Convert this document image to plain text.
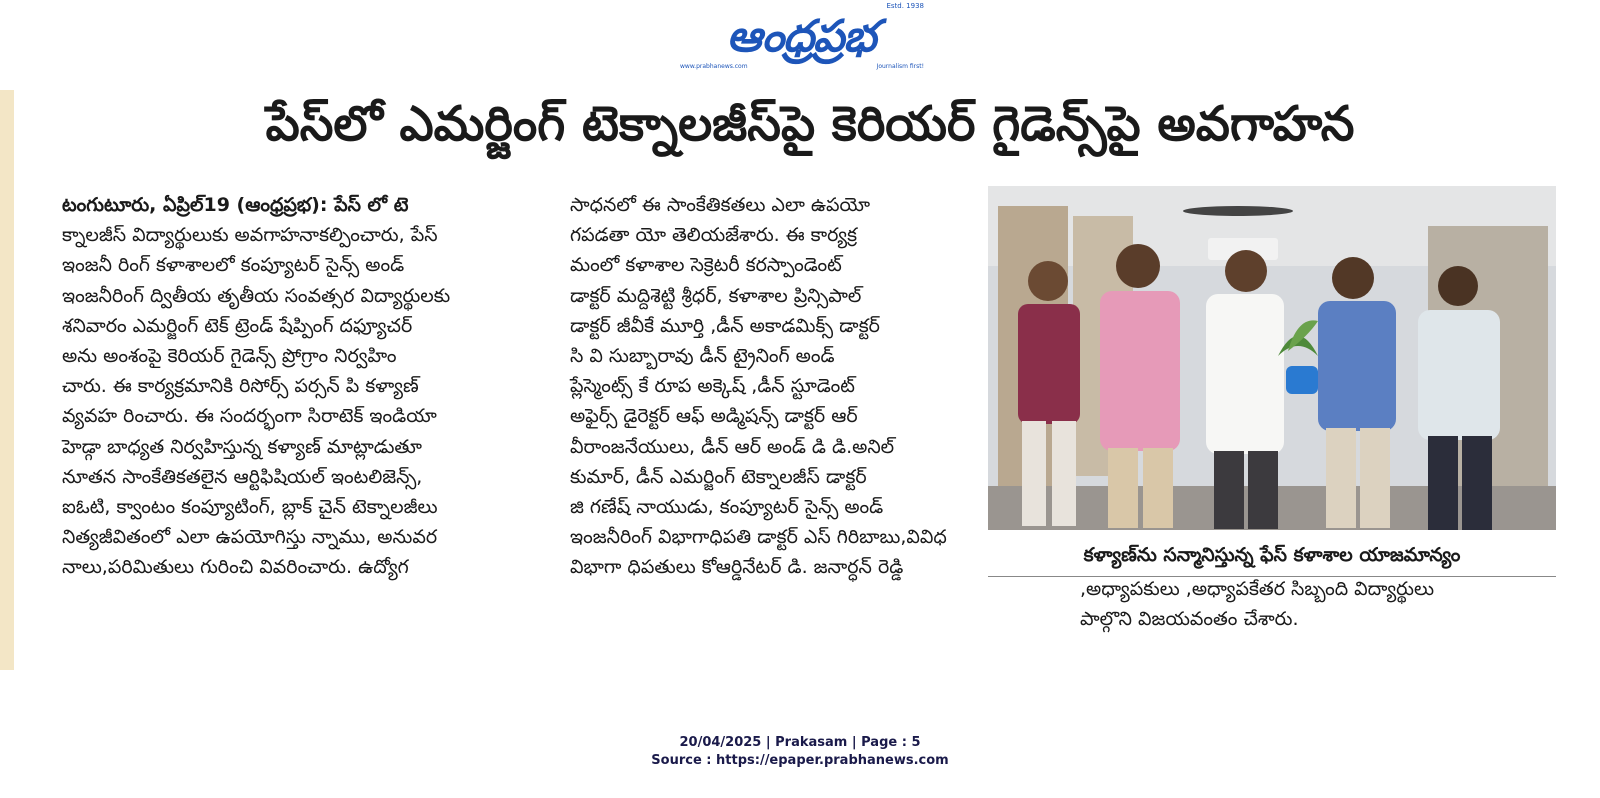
Estd. 1938
ఆంధ్రప్రభ
www.prabhanews.com	Journalism first!
పేస్‌లో ఎమర్జింగ్ టెక్నాలజీస్‌పై కెరియర్ గైడెన్స్‌పై అవగాహన

టంగుటూరు, ఏప్రిల్19 (ఆంధ్రప్రభ): పేస్ లో టె

క్నాలజీస్ విద్యార్థులుకు అవగాహనాకల్పించారు, పేస్

ఇంజనీ రింగ్ కళాశాలలో కంప్యూటర్ సైన్స్ అండ్

ఇంజనీరింగ్ ద్వితీయ తృతీయ సంవత్సర విద్యార్థులకు

శనివారం ఎమర్జింగ్ టెక్ ట్రెండ్ షేప్పింగ్ దఫ్యూచర్

అను అంశంపై కెరియర్ గైడెన్స్ ప్రోగ్రాం నిర్వహిం

చారు. ఈ కార్యక్రమానికి రిసోర్స్ పర్సన్ పి కళ్యాణ్

వ్యవహ రించారు. ఈ సందర్భంగా సిరాటెక్ ఇండియా

హెడ్గా బాధ్యత నిర్వహిస్తున్న కళ్యాణ్ మాట్లాడుతూ

నూతన సాంకేతికతలైన ఆర్టిఫిషియల్ ఇంటలిజెన్స్,

ఐఓటి, క్వాంటం కంప్యూటింగ్, బ్లాక్ చైన్ టెక్నాలజీలు

నిత్యజీవితంలో ఎలా ఉపయోగిస్తు న్నాము, అనువర

నాలు,పరిమితులు గురించి వివరించారు. ఉద్యోగ

సాధనలో ఈ సాంకేతికతలు ఎలా ఉపయో

గపడతా యో తెలియజేశారు. ఈ కార్యక్ర

మంలో కళాశాల సెక్రెటరీ కరస్పాండెంట్

డాక్టర్ మద్దిశెట్టి శ్రీధర్, కళాశాల ప్రిన్సిపాల్

డాక్టర్ జీవీకే మూర్తి ,డీన్ అకాడమిక్స్ డాక్టర్

సి వి సుబ్బారావు డీన్ ట్రైనింగ్ అండ్

ప్లేస్మెంట్స్ కే రూప అక్కెష్ ,డీన్ స్టూడెంట్

అఫైర్స్ డైరెక్టర్ ఆఫ్ అడ్మిషన్స్ డాక్టర్ ఆర్

వీరాంజనేయులు, డీన్ ఆర్ అండ్ డి డి.అనిల్

కుమార్, డీన్ ఎమర్జింగ్ టెక్నాలజీస్ డాక్టర్

జి గణేష్ నాయుడు, కంప్యూటర్ సైన్స్ అండ్

ఇంజనీరింగ్ విభాగాధిపతి డాక్టర్ ఎస్ గిరిబాబు,వివిధ

విభాగా ధిపతులు కోఆర్డినేటర్ డి. జనార్ధన్ రెడ్డి

కళ్యాణ్‌ను సన్మానిస్తున్న ఫేస్ కళాశాల యాజమాన్యం

,అధ్యాపకులు ,అధ్యాపకేతర సిబ్బంది విద్యార్థులు

పాల్గొని విజయవంతం చేశారు.

20/04/2025 | Prakasam | Page : 5
Source : https://epaper.prabhanews.com
